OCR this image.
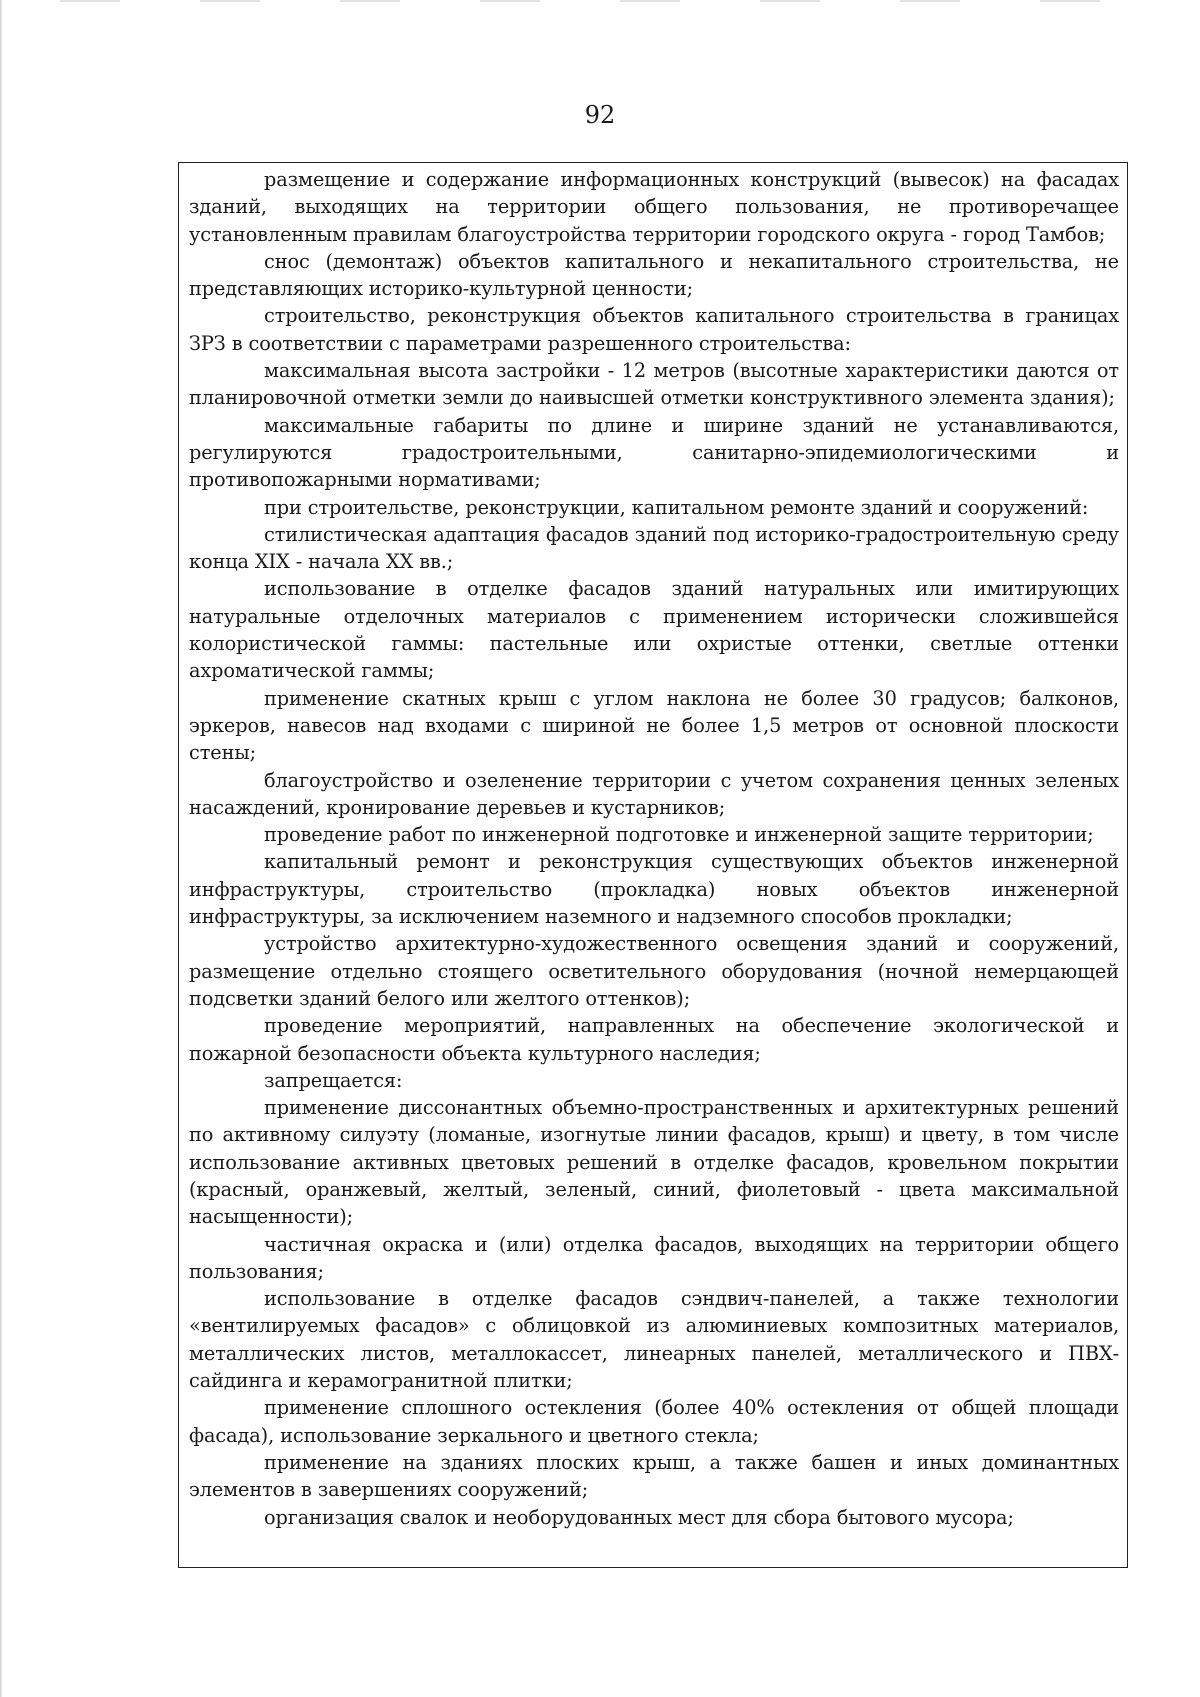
92

размещение и содержание информационных конструкций (вывесок) на фасадах зданий, выходящих на территории общего пользования, не противоречащее установленным правилам благоустройства территории городского округа - город Тамбов;

снос (демонтаж) объектов капитального и некапитального строительства, не представляющих историко-культурной ценности;

строительство, реконструкция объектов капитального строительства в границах ЗРЗ в соответствии с параметрами разрешенного строительства:

максимальная высота застройки - 12 метров (высотные характеристики даются от планировочной отметки земли до наивысшей отметки конструктивного элемента здания);

максимальные габариты по длине и ширине зданий не устанавливаются, регулируются градостроительными, санитарно-эпидемиологическими и противопожарными нормативами;

при строительстве, реконструкции, капитальном ремонте зданий и сооружений:

стилистическая адаптация фасадов зданий под историко-градостроительную среду конца XIX - начала XX вв.;

использование в отделке фасадов зданий натуральных или имитирующих натуральные отделочных материалов с применением исторически сложившейся колористической гаммы: пастельные или охристые оттенки, светлые оттенки ахроматической гаммы;

применение скатных крыш с углом наклона не более 30 градусов; балконов, эркеров, навесов над входами с шириной не более 1,5 метров от основной плоскости стены;

благоустройство и озеленение территории с учетом сохранения ценных зеленых насаждений, кронирование деревьев и кустарников;

проведение работ по инженерной подготовке и инженерной защите территории;

капитальный ремонт и реконструкция существующих объектов инженерной инфраструктуры, строительство (прокладка) новых объектов инженерной инфраструктуры, за исключением наземного и надземного способов прокладки;

устройство архитектурно-художественного освещения зданий и сооружений, размещение отдельно стоящего осветительного оборудования (ночной немерцающей подсветки зданий белого или желтого оттенков);

проведение мероприятий, направленных на обеспечение экологической и пожарной безопасности объекта культурного наследия;

запрещается:

применение диссонантных объемно-пространственных и архитектурных решений по активному силуэту (ломаные, изогнутые линии фасадов, крыш) и цвету, в том числе использование активных цветовых решений в отделке фасадов, кровельном покрытии (красный, оранжевый, желтый, зеленый, синий, фиолетовый - цвета максимальной насыщенности);

частичная окраска и (или) отделка фасадов, выходящих на территории общего пользования;

использование в отделке фасадов сэндвич-панелей, а также технологии «вентилируемых фасадов» с облицовкой из алюминиевых композитных материалов, металлических листов, металлокассет, линеарных панелей, металлического и ПВХ-сайдинга и керамогранитной плитки;

применение сплошного остекления (более 40% остекления от общей площади фасада), использование зеркального и цветного стекла;

применение на зданиях плоских крыш, а также башен и иных доминантных элементов в завершениях сооружений;

организация свалок и необорудованных мест для сбора бытового мусора;
